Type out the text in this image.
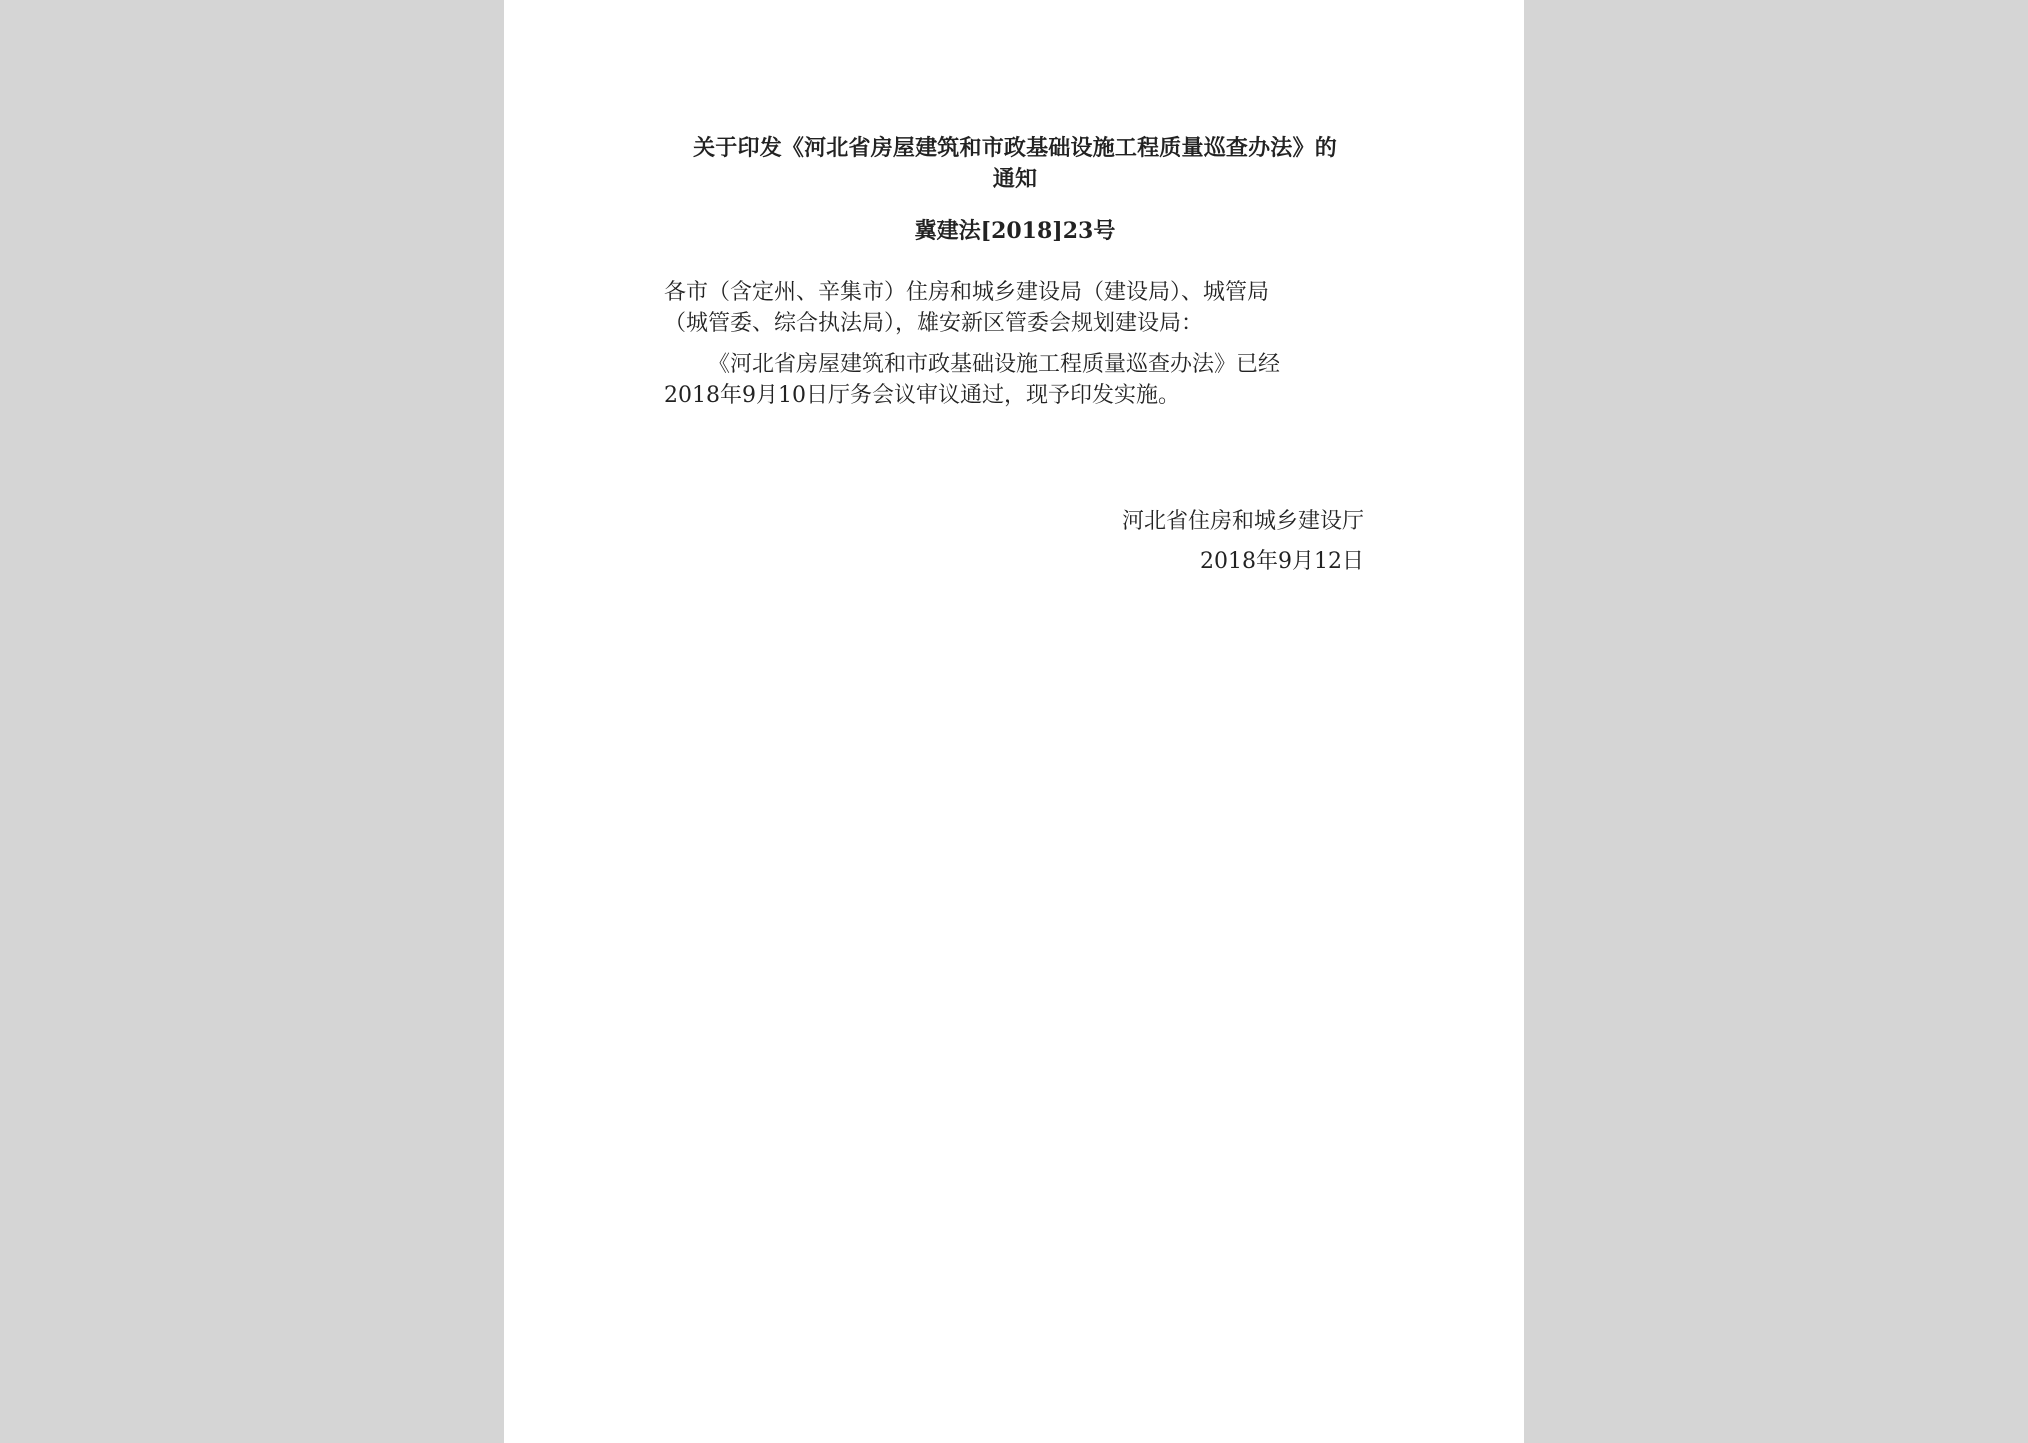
关于印发《河北省房屋建筑和市政基础设施工程质量巡查办法》的
通知
冀建法[2018]23号
各市（含定州、辛集市）住房和城乡建设局（建设局）、城管局
（城管委、综合执法局），雄安新区管委会规划建设局：
《河北省房屋建筑和市政基础设施工程质量巡查办法》已经
2018年9月10日厅务会议审议通过，现予印发实施。
河北省住房和城乡建设厅
2018年9月12日
